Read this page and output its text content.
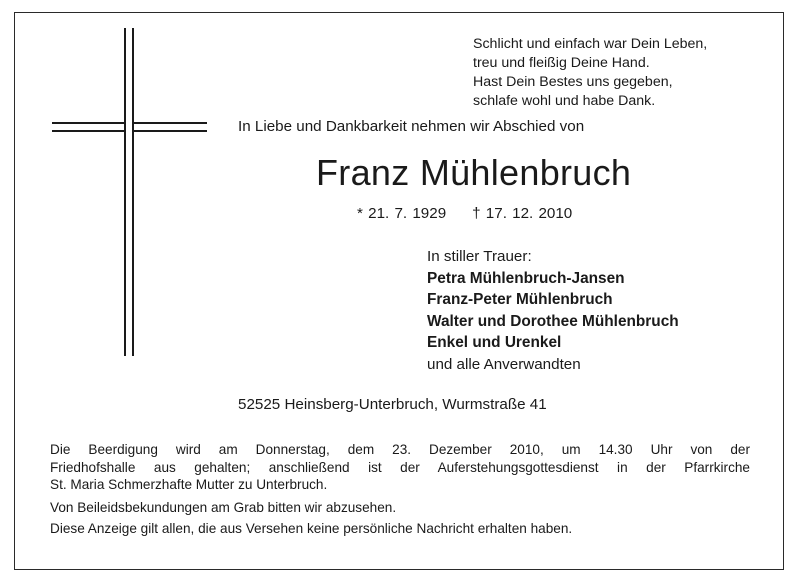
Schlicht und einfach war Dein Leben,
treu und fleißig Deine Hand.
Hast Dein Bestes uns gegeben,
schlafe wohl und habe Dank.
In Liebe und Dankbarkeit nehmen wir Abschied von
Franz Mühlenbruch
* 21. 7. 1929 † 17. 12. 2010
In stiller Trauer:
Petra Mühlenbruch-Jansen
Franz-Peter Mühlenbruch
Walter und Dorothee Mühlenbruch
Enkel und Urenkel
und alle Anverwandten
52525 Heinsberg-Unterbruch, Wurmstraße 41
Die Beerdigung wird am Donnerstag, dem 23. Dezember 2010, um 14.30 Uhr von der
Friedhofshalle aus gehalten; anschließend ist der Auferstehungsgottesdienst in der Pfarrkirche
St. Maria Schmerzhafte Mutter zu Unterbruch.
Von Beileidsbekundungen am Grab bitten wir abzusehen.
Diese Anzeige gilt allen, die aus Versehen keine persönliche Nachricht erhalten haben.
